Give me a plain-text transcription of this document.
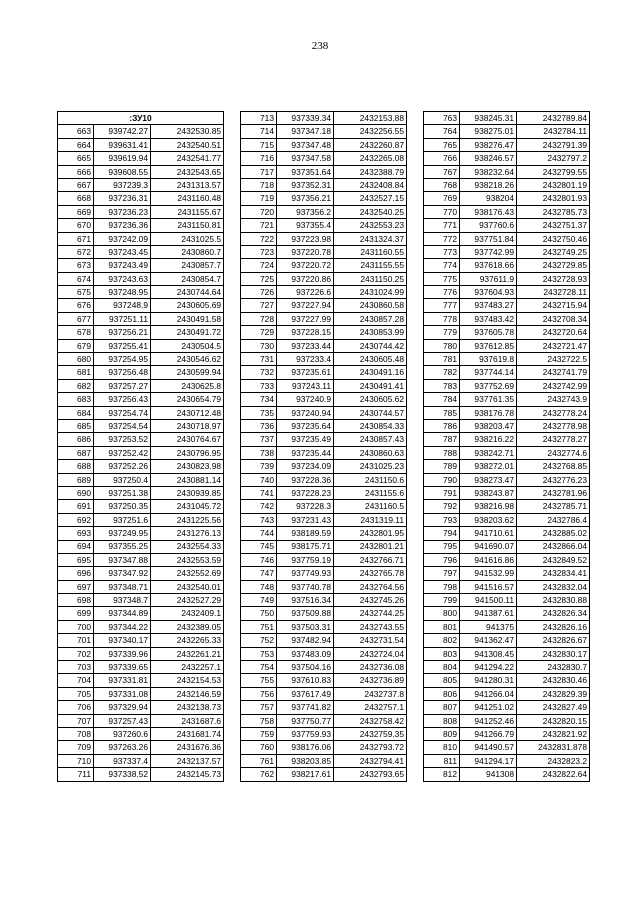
238
:ЗУ10		
663	939742.27	2432530.85
664	939631.41	2432540.51
665	939619.94	2432541.77
666	939608.55	2432543.65
667	937239.3	2431313.57
668	937236.31	2431160.48
669	937236.23	2431155.67
670	937236.36	2431150.81
671	937242.09	2431025.5
672	937243.45	2430860.7
673	937243.49	2430857.7
674	937243.63	2430854.7
675	937248.95	2430744.64
676	937248.9	2430605.69
677	937251.11	2430491.58
678	937256.21	2430491.72
679	937255.41	2430504.5
680	937254.95	2430546.62
681	937256.48	2430599.94
682	937257.27	2430625.8
683	937256.43	2430654.79
684	937254.74	2430712.48
685	937254.54	2430718.97
686	937253.52	2430764.67
687	937252.42	2430796.95
688	937252.26	2430823.98
689	937250.4	2430881.14
690	937251.38	2430939.85
691	937250.35	2431045.72
692	937251.6	2431225.56
693	937249.95	2431276.13
694	937355.25	2432554.33
695	937347.88	2432553.59
696	937347.92	2432552.69
697	937348.71	2432540.01
698	937348.7	2432527.29
699	937344.89	2432409.1
700	937344.22	2432389.05
701	937340.17	2432265.33
702	937339.96	2432261.21
703	937339.65	2432257.1
704	937331.81	2432154.53
705	937331.08	2432146.59
706	937329.94	2432138.73
707	937257.43	2431687.6
708	937260.6	2431681.74
709	937263.26	2431676.36
710	937337.4	2432137.57
711	937338.52	2432145.73
713	937339.34	2432153.88
714	937347.18	2432256.55
715	937347.48	2432260.87
716	937347.58	2432265.08
717	937351.64	2432388.79
718	937352.31	2432408.84
719	937356.21	2432527.15
720	937356.2	2432540.25
721	937355.4	2432553.23
722	937223.98	2431324.37
723	937220.78	2431160.55
724	937220.72	2431155.55
725	937220.86	2431150.25
726	937226.6	2431024.99
727	937227.94	2430860.58
728	937227.99	2430857.28
729	937228.15	2430853.99
730	937233.44	2430744.42
731	937233.4	2430605.48
732	937235.61	2430491.16
733	937243.11	2430491.41
734	937240.9	2430605.62
735	937240.94	2430744.57
736	937235.64	2430854.33
737	937235.49	2430857.43
738	937235.44	2430860.63
739	937234.09	2431025.23
740	937228.36	2431150.6
741	937228.23	2431155.6
742	937228.3	2431160.5
743	937231.43	2431319.11
744	938189.59	2432801.95
745	938175.71	2432801.21
746	937759.19	2432766.71
747	937749.93	2432765.78
748	937740.78	2432764.56
749	937516.34	2432745.26
750	937509.88	2432744.25
751	937503.31	2432743.55
752	937482.94	2432731.54
753	937483.09	2432724.04
754	937504.16	2432736.08
755	937610.83	2432736.89
756	937617.49	2432737.8
757	937741.82	2432757.1
758	937750.77	2432758.42
759	937759.93	2432759.35
760	938176.06	2432793.72
761	938203.85	2432794.41
762	938217.61	2432793.65
763	938245.31	2432789.84
764	938275.01	2432784.11
765	938276.47	2432791.39
766	938246.57	2432797.2
767	938232.64	2432799.55
768	938218.26	2432801.19
769	938204	2432801.93
770	938176.43	2432785.73
771	937760.6	2432751.37
772	937751.84	2432750.46
773	937742.99	2432749.25
774	937618.66	2432729.85
775	937611.9	2432728.93
776	937604.93	2432728.11
777	937483.27	2432715.94
778	937483.42	2432708.34
779	937605.78	2432720.64
780	937612.85	2432721.47
781	937619.8	2432722.5
782	937744.14	2432741.79
783	937752.69	2432742.99
784	937761.35	2432743.9
785	938176.78	2432778.24
786	938203.47	2432778.98
787	938216.22	2432778.27
788	938242.71	2432774.6
789	938272.01	2432768.85
790	938273.47	2432776.23
791	938243.87	2432781.96
792	938216.98	2432785.71
793	938203.62	2432786.4
794	941710.61	2432885.02
795	941690.07	2432866.04
796	941616.86	2432849.52
797	941532.99	2432834.41
798	941516.57	2432832.04
799	941500.11	2432830.88
800	941387.61	2432826.34
801	941375	2432826.16
802	941362.47	2432826.67
803	941308.45	2432830.17
804	941294.22	2432830.7
805	941280.31	2432830.46
806	941266.04	2432829.39
807	941251.02	2432827.49
808	941252.46	2432820.15
809	941266.79	2432821.92
810	941490.57	2432831.878
811	941294.17	2432823.2
812	941308	2432822.64
